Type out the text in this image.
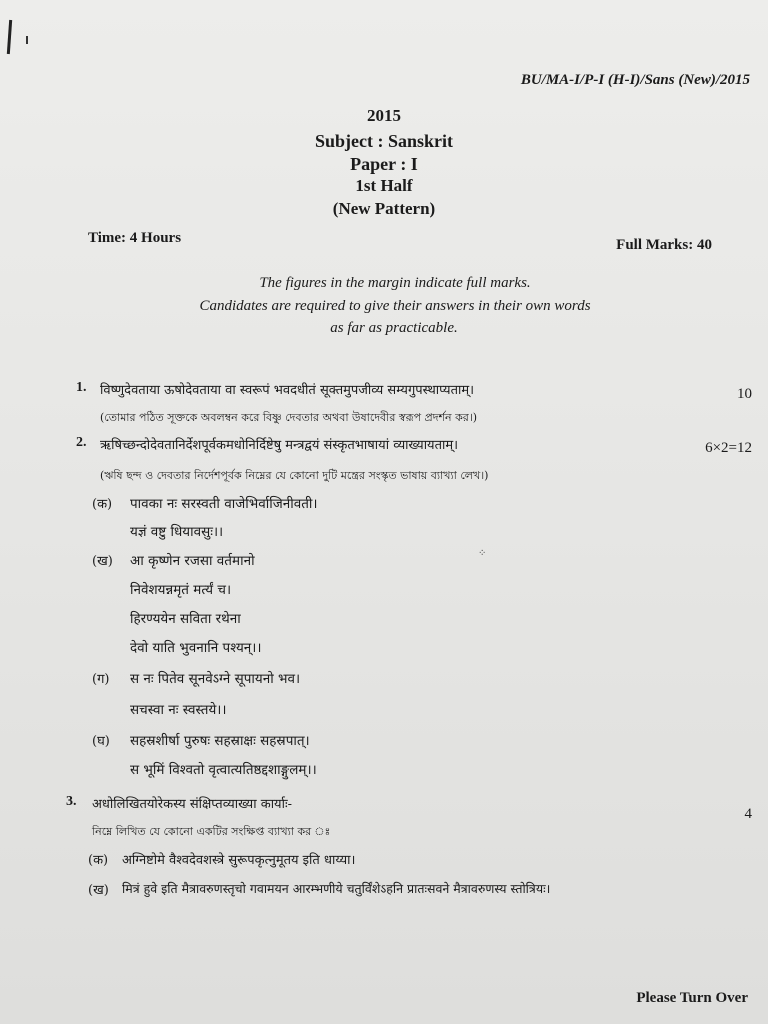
BU/MA-I/P-I (H-I)/Sans (New)/2015
2015
Subject : Sanskrit
Paper : I
1st Half
(New Pattern)
Time: 4 Hours	Full Marks: 40
The figures in the margin indicate full marks.
Candidates are required to give their answers in their own words
as far as practicable.
1. विष्णुदेवताया ऊषोदेवताया वा स्वरूपं भवदधीतं सूक्तमुपजीव्य सम्यगुपस्थाप्यताम्।	10
(তোমার পঠিত সূক্তকে অবলম্বন করে বিষ্ণু দেবতার অথবা উষাদেবীর স্বরূপ প্রদর্শন কর।)
2. ऋषिच्छन्दोदेवतानिर्देशपूर्वकमधोनिर्दिष्टेषु मन्त्रद्वयं संस्कृतभाषायां व्याख्यायताम्।	6×2=12
(ঋষি ছন্দ ও দেবতার নির্দেশপূর্বক নিম্নের যে কোনো দুটি মন্ত্রের সংস্কৃত ভাষায় ব্যাখ্যা লেখ।)
(क) पावका नः सरस्वती वाजेभिर्वाजिनीवती।
यज्ञं वष्टु धियावसुः।।
(ख) आ कृष्णेन रजसा वर्तमानो
निवेशयन्नमृतं मर्त्यं च।
हिरण्ययेन सविता रथेना
देवो याति भुवनानि पश्यन्।।
(ग) स नः पितेव सूनवेऽग्ने सूपायनो भव।
सचस्वा नः स्वस्तये।।
(घ) सहस्रशीर्षा पुरुषः सहस्राक्षः सहस्रपात्।
स भूमिं विश्वतो वृत्वात्यतिष्ठद्दशाङ्गुलम्।।
⁘
3. अधोलिखितयोरेकस्य संक्षिप्तव्याख्या कार्याः-
4
নিম্নে লিখিত যে কোনো একটির সংক্ষিপ্ত ব্যাখ্যা কর ঃ
(क) अग्निष्टोमे वैश्वदेवशस्त्रे सुरूपकृत्नुमूतय इति धाय्या।
(ख) मित्रं हुवे इति मैत्रावरुणस्तृचो गवामयन आरम्भणीये चतुर्विंशेऽहनि प्रातःसवने मैत्रावरुणस्य स्तोत्रियः।
Please Turn Over
